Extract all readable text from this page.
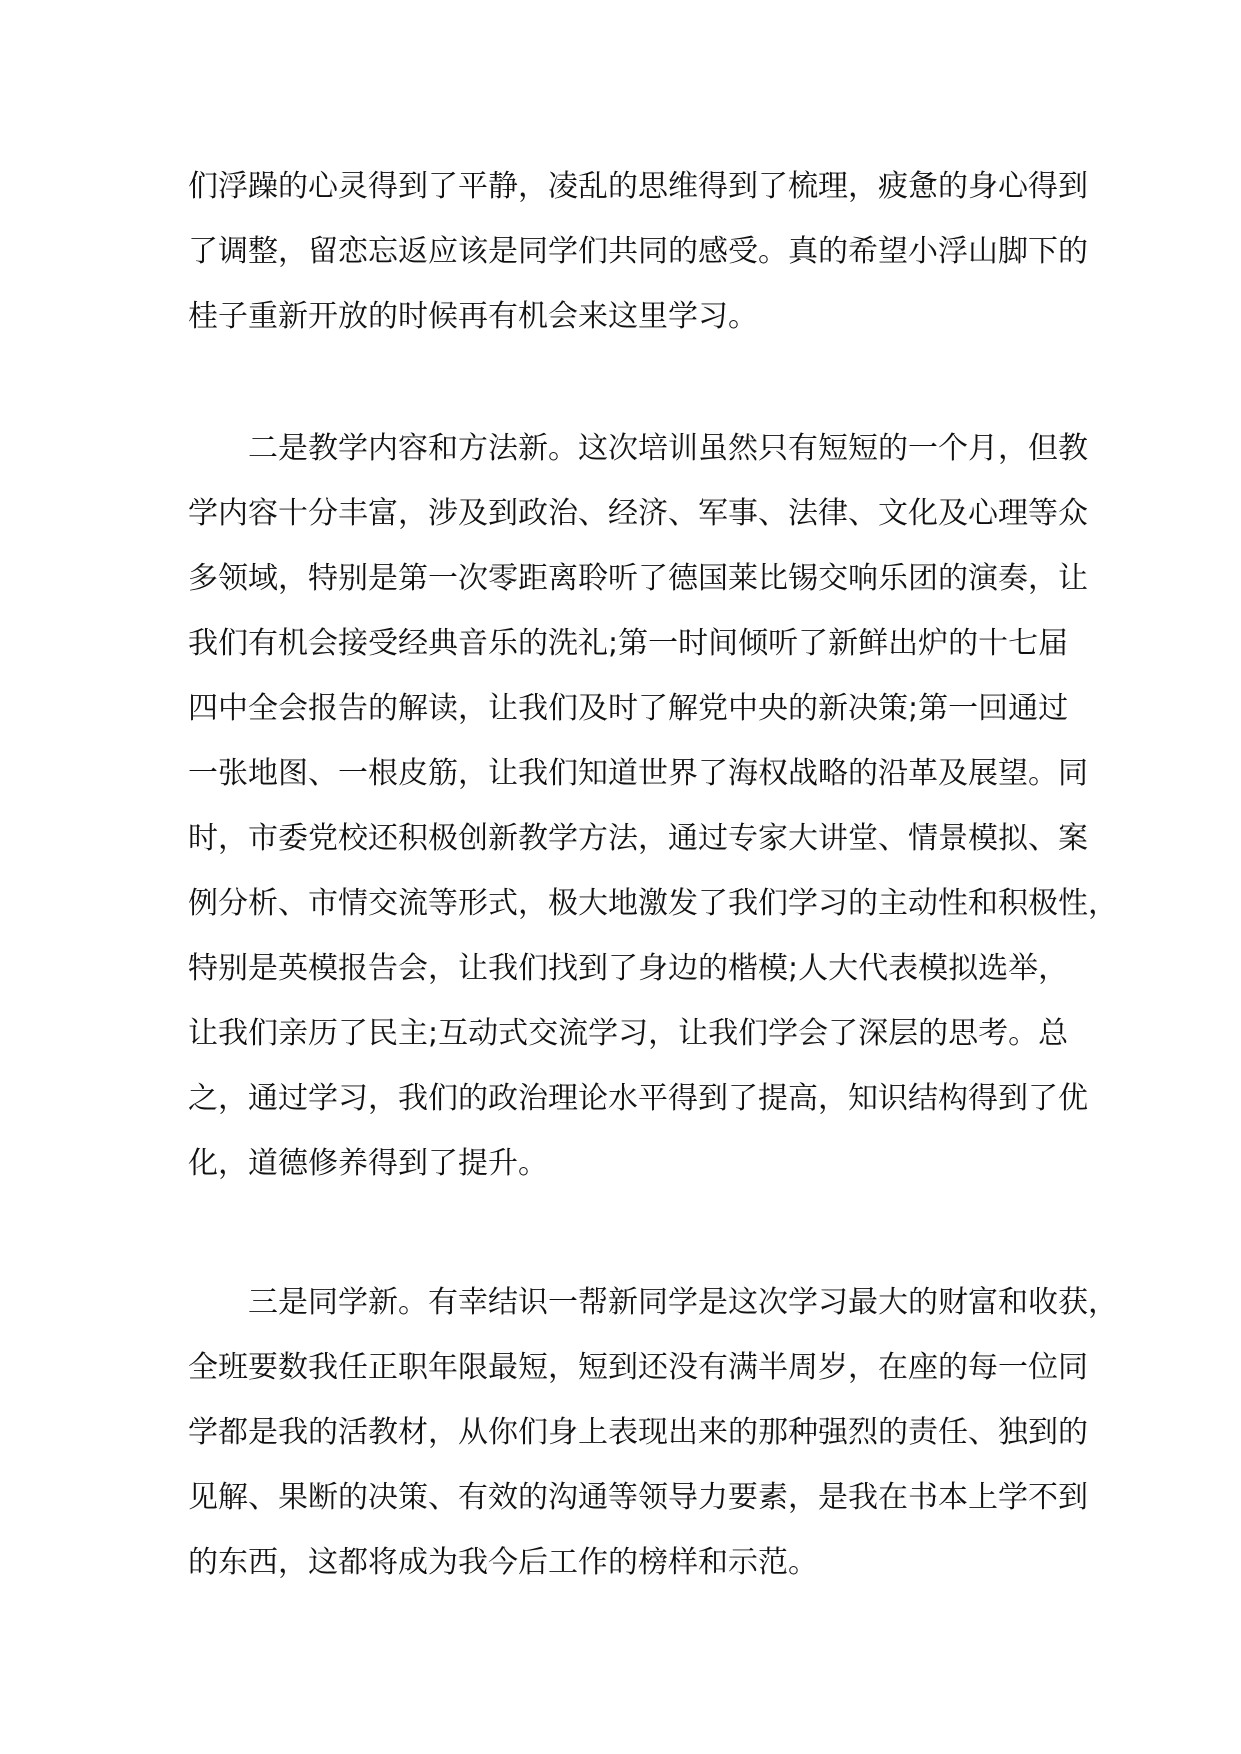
们浮躁的心灵得到了平静，凌乱的思维得到了梳理，疲惫的身心得到
了调整，留恋忘返应该是同学们共同的感受。真的希望小浮山脚下的
桂子重新开放的时候再有机会来这里学习。
二是教学内容和方法新。这次培训虽然只有短短的一个月，但教
学内容十分丰富，涉及到政治、经济、军事、法律、文化及心理等众
多领域，特别是第一次零距离聆听了德国莱比锡交响乐团的演奏，让
我们有机会接受经典音乐的洗礼;第一时间倾听了新鲜出炉的十七届
四中全会报告的解读，让我们及时了解党中央的新决策;第一回通过
一张地图、一根皮筋，让我们知道世界了海权战略的沿革及展望。同
时，市委党校还积极创新教学方法，通过专家大讲堂、情景模拟、案
例分析、市情交流等形式，极大地激发了我们学习的主动性和积极性，
特别是英模报告会，让我们找到了身边的楷模;人大代表模拟选举，
让我们亲历了民主;互动式交流学习，让我们学会了深层的思考。总
之，通过学习，我们的政治理论水平得到了提高，知识结构得到了优
化，道德修养得到了提升。
三是同学新。有幸结识一帮新同学是这次学习最大的财富和收获，
全班要数我任正职年限最短，短到还没有满半周岁，在座的每一位同
学都是我的活教材，从你们身上表现出来的那种强烈的责任、独到的
见解、果断的决策、有效的沟通等领导力要素，是我在书本上学不到
的东西，这都将成为我今后工作的榜样和示范。
